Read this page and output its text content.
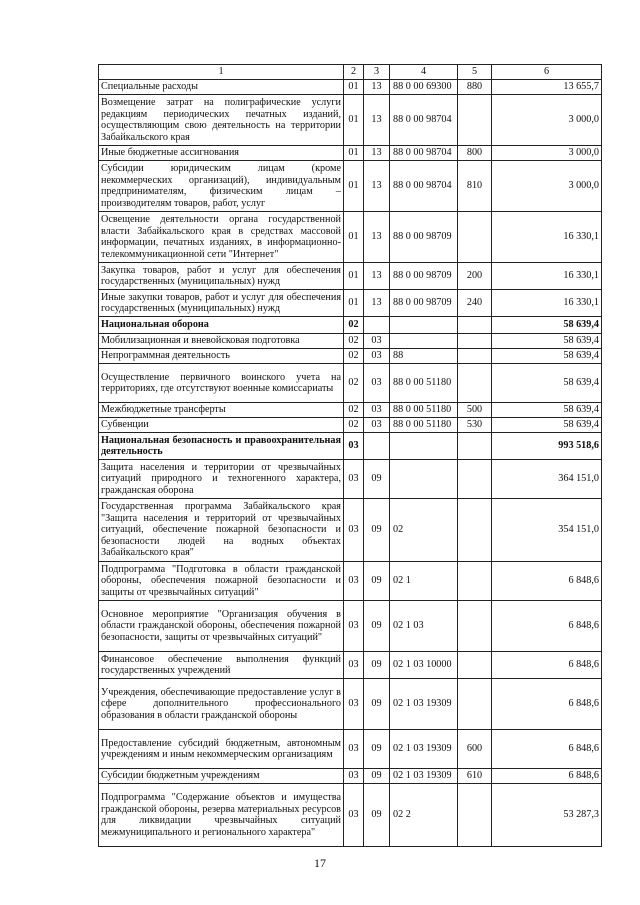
1	2	3	4	5	6
Специальные расходы	01	13	88 0 00 69300	880	13 655,7
Возмещение затрат на полиграфические услуги редакциям периодических печатных изданий, осуществляющим свою деятельность на территории Забайкальского края	01	13	88 0 00 98704		3 000,0
Иные бюджетные ассигнования	01	13	88 0 00 98704	800	3 000,0
Субсидии юридическим лицам (кроме некоммерческих организаций), индивидуальным предпринимателям, физическим лицам – производителям товаров, работ, услуг	01	13	88 0 00 98704	810	3 000,0
Освещение деятельности органа государственной власти Забайкальского края в средствах массовой информации, печатных изданиях, в информационно-телекоммуникационной сети "Интернет"	01	13	88 0 00 98709		16 330,1
Закупка товаров, работ и услуг для обеспечения государственных (муниципальных) нужд	01	13	88 0 00 98709	200	16 330,1
Иные закупки товаров, работ и услуг для обеспечения государственных (муниципальных) нужд	01	13	88 0 00 98709	240	16 330,1
Национальная оборона	02				58 639,4
Мобилизационная и вневойсковая подготовка	02	03			58 639,4
Непрограммная деятельность	02	03	88		58 639,4
Осуществление первичного воинского учета на территориях, где отсутствуют военные комиссариаты	02	03	88 0 00 51180		58 639,4
Межбюджетные трансферты	02	03	88 0 00 51180	500	58 639,4
Субвенции	02	03	88 0 00 51180	530	58 639,4
Национальная безопасность и правоохранительная деятельность	03				993 518,6
Защита населения и территории от чрезвычайных ситуаций природного и техногенного характера, гражданская оборона	03	09			364 151,0
Государственная программа Забайкальского края "Защита населения и территорий от чрезвычайных ситуаций, обеспечение пожарной безопасности и безопасности людей на водных объектах Забайкальского края"	03	09	02		354 151,0
Подпрограмма "Подготовка в области гражданской обороны, обеспечения пожарной безопасности и защиты от чрезвычайных ситуаций"	03	09	02 1		6 848,6
Основное мероприятие "Организация обучения в области гражданской обороны, обеспечения пожарной безопасности, защиты от чрезвычайных ситуаций"	03	09	02 1 03		6 848,6
Финансовое обеспечение выполнения функций государственных учреждений	03	09	02 1 03 10000		6 848,6
Учреждения, обеспечивающие предоставление услуг в сфере дополнительного профессионального образования в области гражданской обороны	03	09	02 1 03 19309		6 848,6
Предоставление субсидий бюджетным, автономным учреждениям и иным некоммерческим организациям	03	09	02 1 03 19309	600	6 848,6
Субсидии бюджетным учреждениям	03	09	02 1 03 19309	610	6 848,6
Подпрограмма "Содержание объектов и имущества гражданской обороны, резерва материальных ресурсов для ликвидации чрезвычайных ситуаций межмуниципального и регионального характера"	03	09	02 2		53 287,3
17
